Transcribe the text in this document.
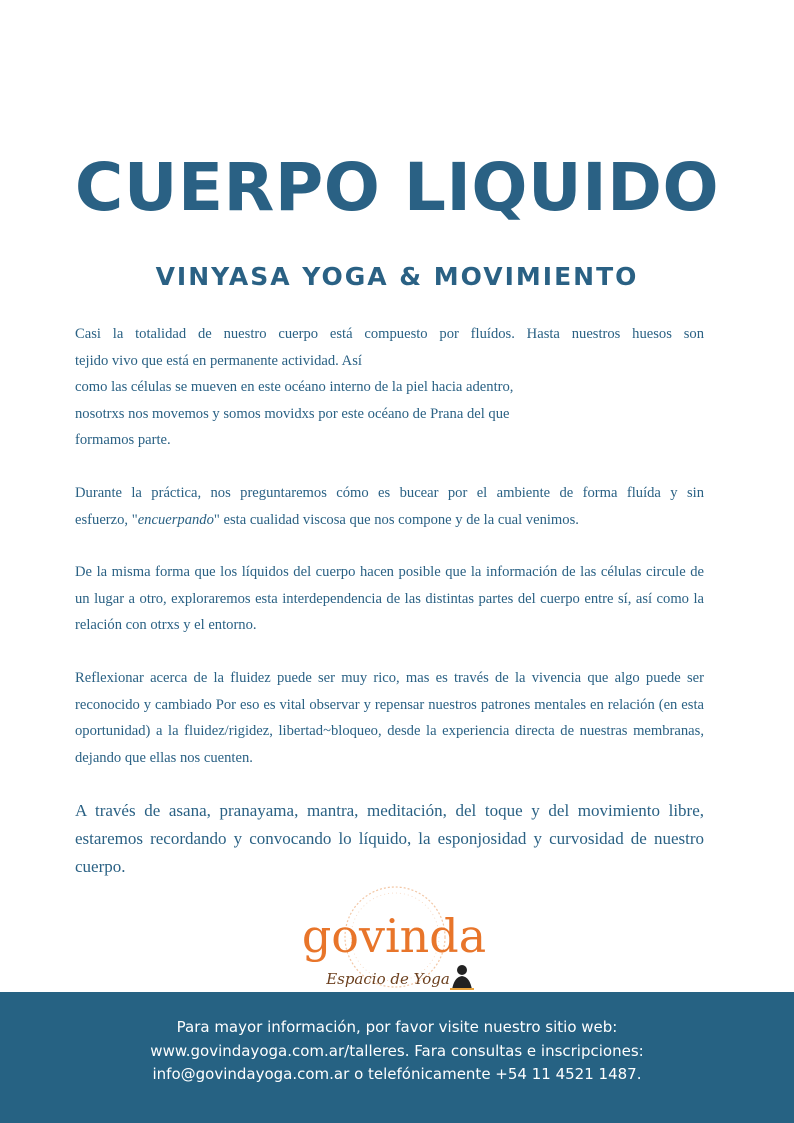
CUERPO LIQUIDO
VINYASA YOGA & MOVIMIENTO

Casi la totalidad de nuestro cuerpo está compuesto por fluídos. Hasta nuestros huesos son

tejido vivo que está en permanente actividad. Así

como las células se mueven en este océano interno de la piel hacia adentro,

nosotrxs nos movemos y somos movidxs por este océano de Prana del que

formamos parte.

Durante la práctica, nos preguntaremos cómo es bucear por el ambiente de forma fluída y sin

esfuerzo, "encuerpando" esta cualidad viscosa que nos compone y de la cual venimos.

De la misma forma que los líquidos del cuerpo hacen posible que la información de las células circule de un lugar a otro, exploraremos esta interdependencia de las distintas partes del cuerpo entre sí, así como la relación con otrxs y el entorno.

Reflexionar acerca de la fluidez puede ser muy rico, mas es través de la vivencia que algo puede ser reconocido y cambiado Por eso es vital observar y repensar nuestros patrones mentales en relación (en esta oportunidad) a la fluidez/rigidez, libertad~bloqueo, desde la experiencia directa de nuestras membranas, dejando que ellas nos cuenten.

A través de asana, pranayama, mantra, meditación, del toque y del movimiento libre, estaremos recordando y convocando lo líquido, la esponjosidad y curvosidad de nuestro cuerpo.

govinda
Espacio de Yoga
Para mayor información, por favor visite nuestro sitio web:
www.govindayoga.com.ar/talleres. Fara consultas e inscripciones:
info@govindayoga.com.ar o telefónicamente +54 11 4521 1487.
